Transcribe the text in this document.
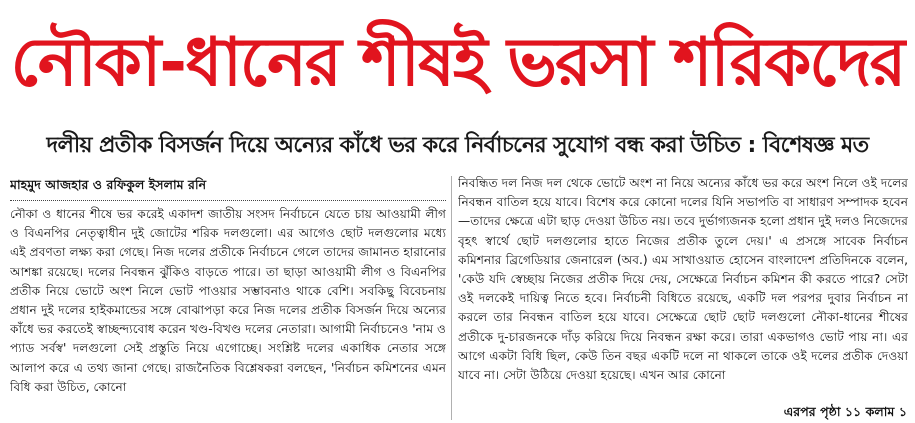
নৌকা-ধানের শীষই ভরসা শরিকদের
দলীয় প্রতীক বিসর্জন দিয়ে অন্যের কাঁধে ভর করে নির্বাচনের সুযোগ বন্ধ করা উচিত : বিশেষজ্ঞ মত
মাহমুদ আজহার ও রফিকুল ইসলাম রনি

নৌকা ও ধানের শীষে ভর করেই একাদশ জাতীয় সংসদ নির্বাচনে যেতে চায় আওয়ামী লীগ ও বিএনপির নেতৃত্বাধীন দুই জোটের শরিক দলগুলো। এর আগেও ছোট দলগুলোর মধ্যে এই প্রবণতা লক্ষ্য করা গেছে। নিজ দলের প্রতীকে নির্বাচনে গেলে তাদের জামানত হারানোর আশঙ্কা রয়েছে। দলের নিবন্ধন ঝুঁকিও বাড়তে পারে। তা ছাড়া আওয়ামী লীগ ও বিএনপির প্রতীক নিয়ে ভোটে অংশ নিলে ভোট পাওয়ার সম্ভাবনাও থাকে বেশি। সবকিছু বিবেচনায় প্রধান দুই দলের হাইকমান্ডের সঙ্গে বোঝাপড়া করে নিজ দলের প্রতীক বিসর্জন দিয়ে অন্যের কাঁধে ভর করতেই স্বাচ্ছন্দ্যবোধ করেন খণ্ড-বিখণ্ড দলের নেতারা। আগামী নির্বাচনেও 'নাম ও প্যাড সর্বস্ব' দলগুলো সেই প্রস্তুতি নিয়ে এগোচ্ছে। সংশ্লিষ্ট দলের একাধিক নেতার সঙ্গে আলাপ করে এ তথ্য জানা গেছে। রাজনৈতিক বিশ্লেষকরা বলছেন, 'নির্বাচন কমিশনের এমন বিধি করা উচিত, কোনো

নিবন্ধিত দল নিজ দল থেকে ভোটে অংশ না নিয়ে অন্যের কাঁধে ভর করে অংশ নিলে ওই দলের নিবন্ধন বাতিল হয়ে যাবে। বিশেষ করে কোনো দলের যিনি সভাপতি বা সাধারণ সম্পাদক হবেন—তাদের ক্ষেত্রে এটা ছাড় দেওয়া উচিত নয়। তবে দুর্ভাগ্যজনক হলো প্রধান দুই দলও নিজেদের বৃহৎ স্বার্থে ছোট দলগুলোর হাতে নিজের প্রতীক তুলে দেয়।' এ প্রসঙ্গে সাবেক নির্বাচন কমিশনার ব্রিগেডিয়ার জেনারেল (অব.) এম সাখাওয়াত হোসেন বাংলাদেশ প্রতিদিনকে বলেন, 'কেউ যদি স্বেচ্ছায় নিজের প্রতীক দিয়ে দেয়, সেক্ষেত্রে নির্বাচন কমিশন কী করতে পারে? সেটা ওই দলকেই দায়িত্ব নিতে হবে। নির্বাচনী বিধিতে রয়েছে, একটি দল পরপর দুবার নির্বাচন না করলে তার নিবন্ধন বাতিল হয়ে যাবে। সেক্ষেত্রে ছোট ছোট দলগুলো নৌকা-ধানের শীষের প্রতীকে দু-চারজনকে দাঁড় করিয়ে দিয়ে নিবন্ধন রক্ষা করে। তারা একভাগও ভোট পায় না। এর আগে একটা বিধি ছিল, কেউ তিন বছর একটি দলে না থাকলে তাকে ওই দলের প্রতীক দেওয়া যাবে না। সেটা উঠিয়ে দেওয়া হয়েছে। এখন আর কোনো

এরপর পৃষ্ঠা ১১ কলাম ১
